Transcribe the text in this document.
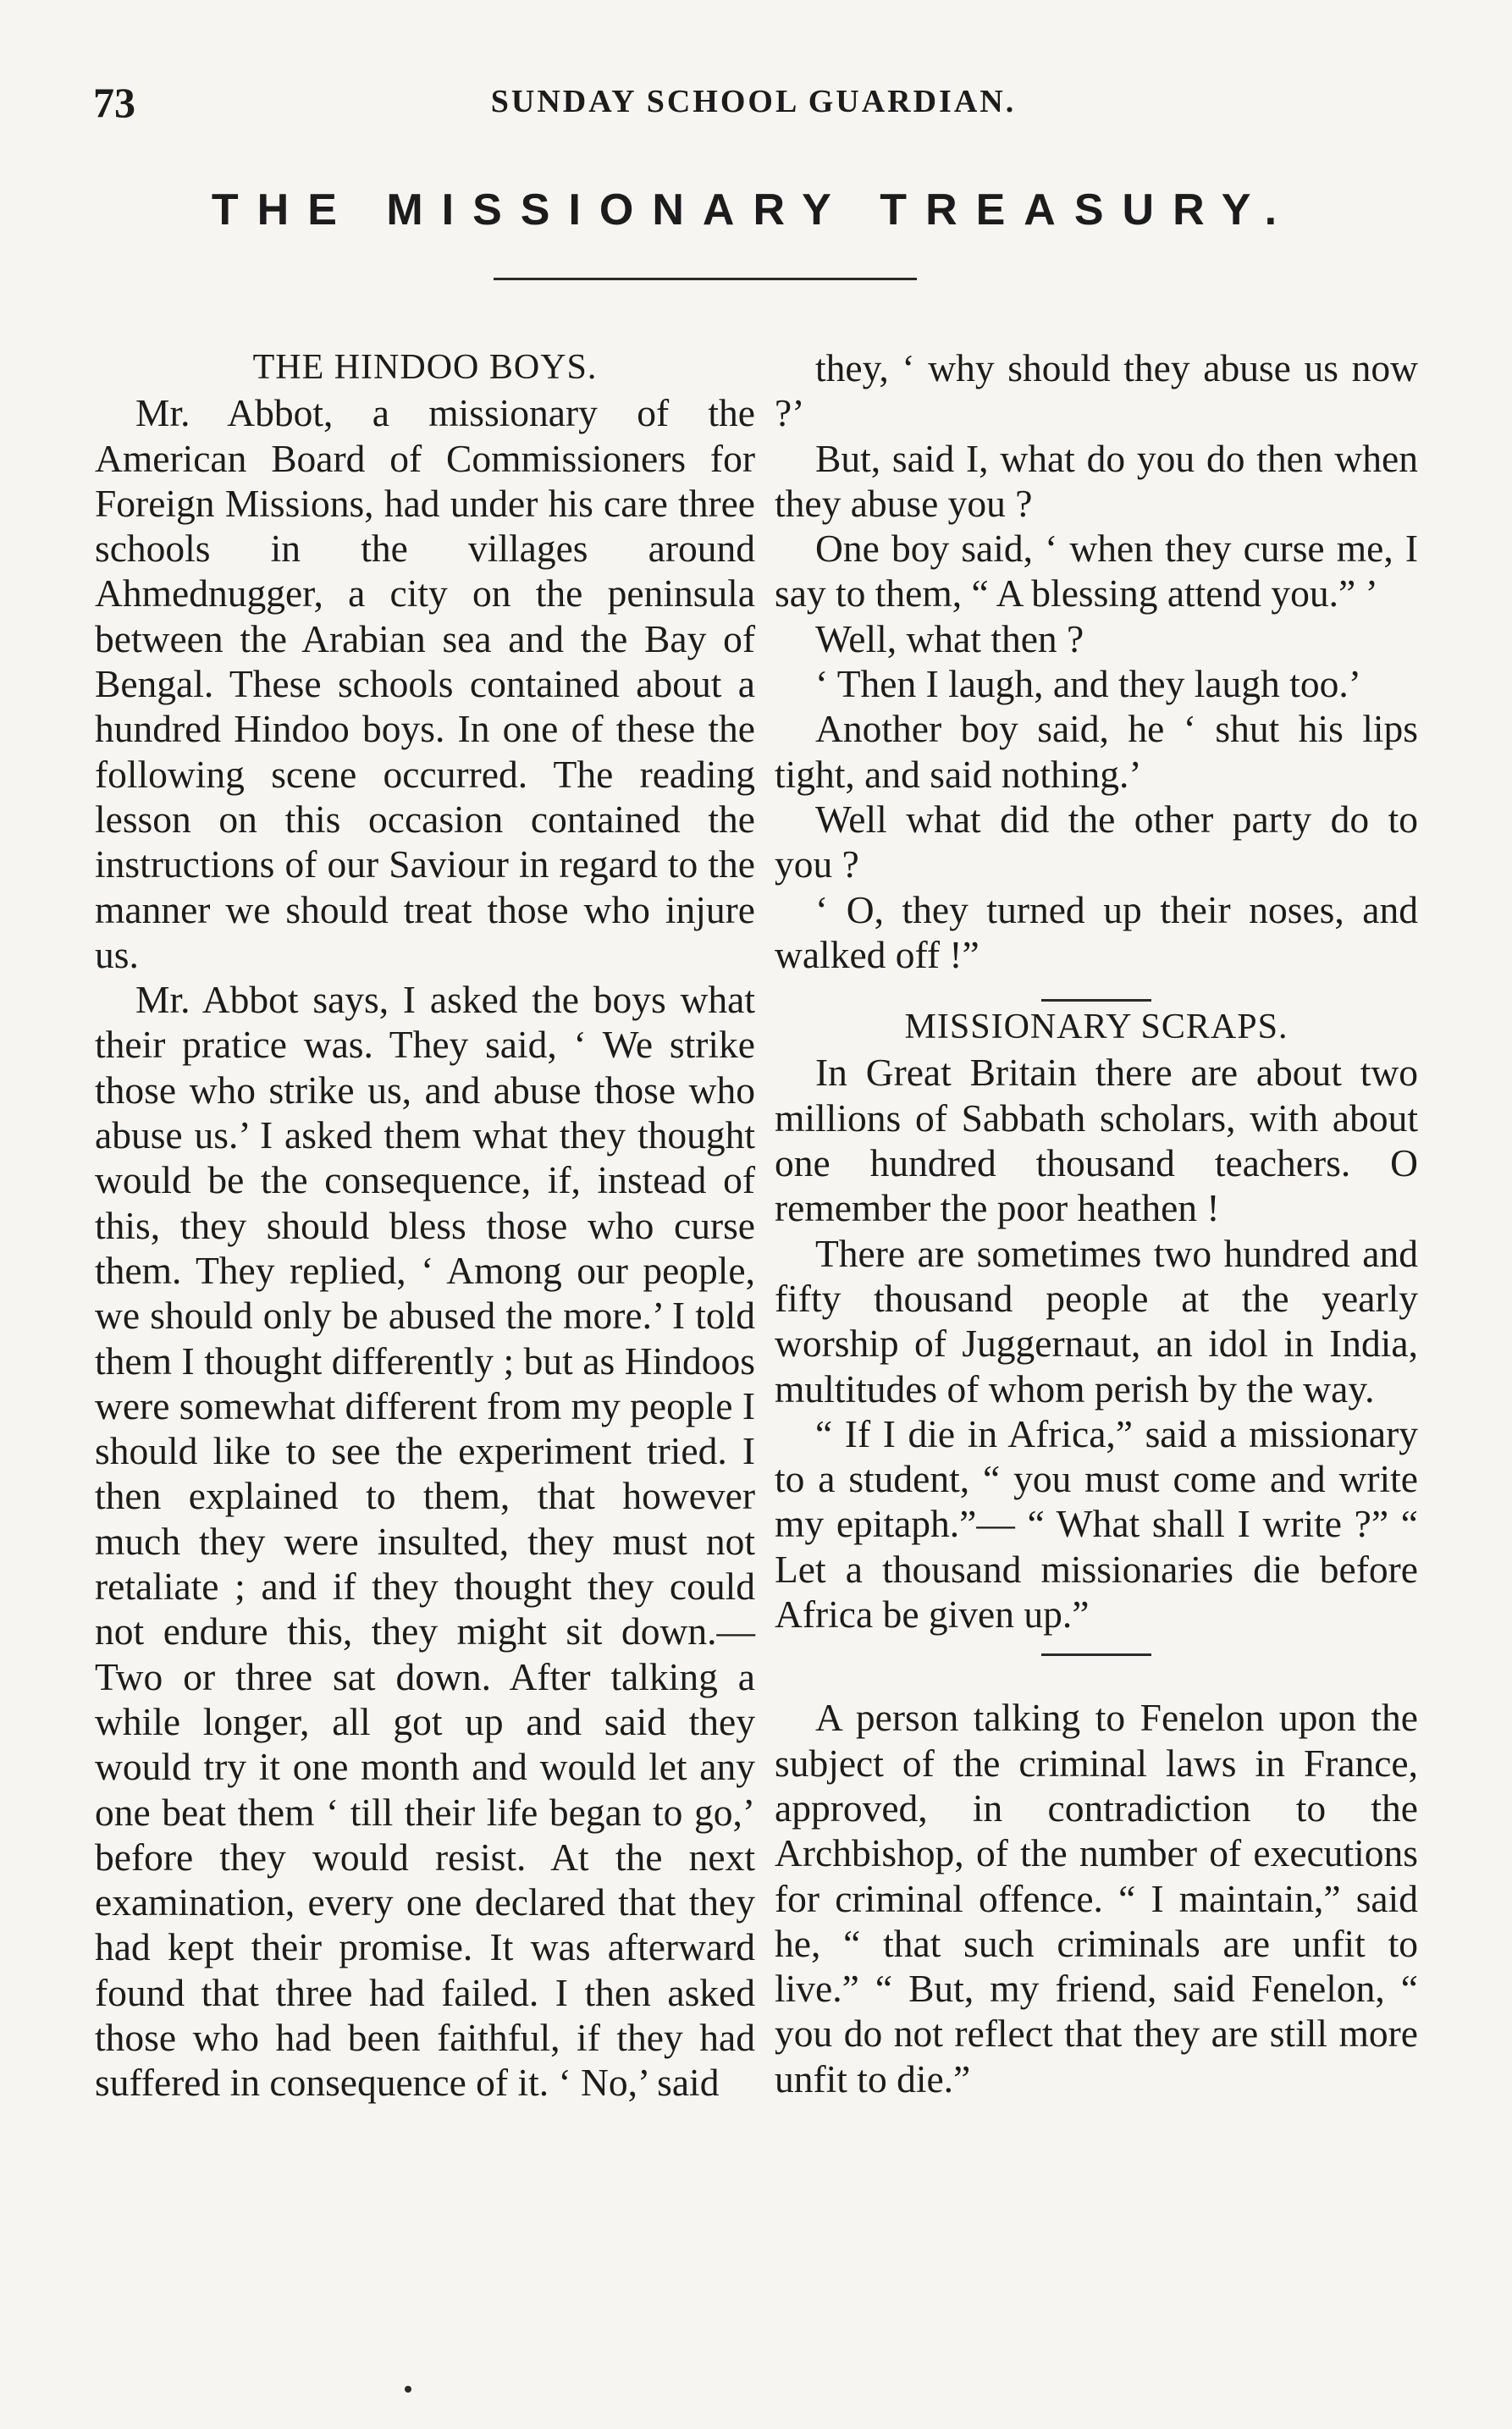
73	SUNDAY SCHOOL GUARDIAN.
THE MISSIONARY TREASURY.
THE HINDOO BOYS.

Mr. Abbot, a missionary of the American Board of Commissioners for Foreign Missions, had under his care three schools in the villages around Ahmednugger, a city on the peninsula between the Arabian sea and the Bay of Bengal. These schools contained about a hundred Hindoo boys. In one of these the following scene occurred. The reading lesson on this occasion contained the instructions of our Saviour in regard to the manner we should treat those who injure us.

Mr. Abbot says, I asked the boys what their pratice was. They said, ‘ We strike those who strike us, and abuse those who abuse us.’ I asked them what they thought would be the consequence, if, instead of this, they should bless those who curse them. They replied, ‘ Among our people, we should only be abused the more.’ I told them I thought differently ; but as Hindoos were somewhat different from my people I should like to see the experiment tried. I then explained to them, that however much they were insulted, they must not retaliate ; and if they thought they could not endure this, they might sit down.— Two or three sat down. After talking a while longer, all got up and said they would try it one month and would let any one beat them ‘ till their life began to go,’ before they would resist. At the next examination, every one declared that they had kept their promise. It was afterward found that three had failed. I then asked those who had been faithful, if they had suffered in consequence of it. ‘ No,’ said

they, ‘ why should they abuse us now ?’

But, said I, what do you do then when they abuse you ?

One boy said, ‘ when they curse me, I say to them, “ A blessing attend you.” ’

Well, what then ?

‘ Then I laugh, and they laugh too.’

Another boy said, he ‘ shut his lips tight, and said nothing.’

Well what did the other party do to you ?

‘ O, they turned up their noses, and walked off !”

MISSIONARY SCRAPS.

In Great Britain there are about two millions of Sabbath scholars, with about one hundred thousand teachers. O remember the poor heathen !

There are sometimes two hundred and fifty thousand people at the yearly worship of Juggernaut, an idol in India, multitudes of whom perish by the way.

“ If I die in Africa,” said a missionary to a student, “ you must come and write my epitaph.”— “ What shall I write ?” “ Let a thousand missionaries die before Africa be given up.”

A person talking to Fenelon upon the subject of the criminal laws in France, approved, in contradiction to the Archbishop, of the number of executions for criminal offence. “ I maintain,” said he, “ that such criminals are unfit to live.” “ But, my friend, said Fenelon, “ you do not reflect that they are still more unfit to die.”
